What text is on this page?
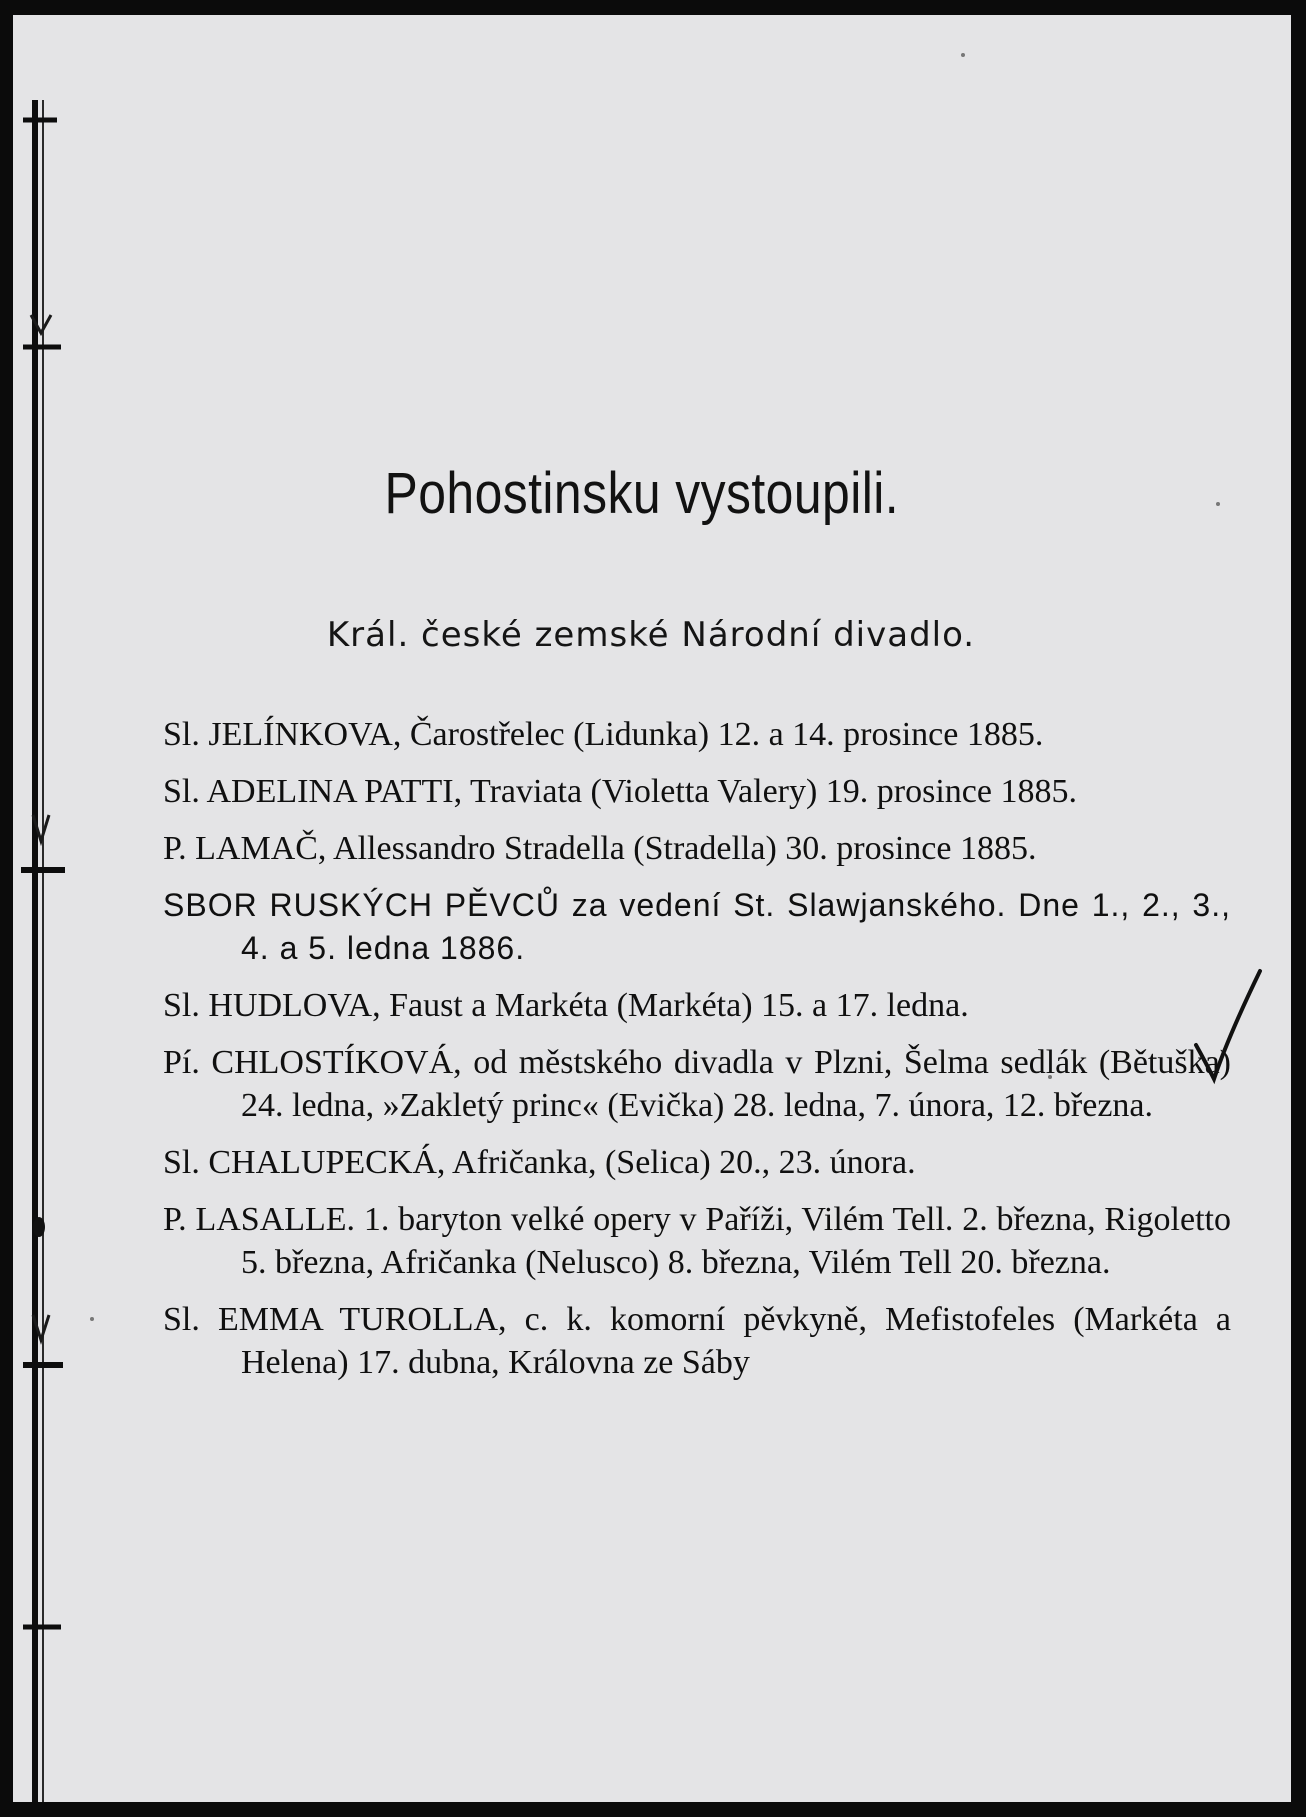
Pohostinsku vystoupili.
Král. české zemské Národní divadlo.
Sl. JELÍNKOVA, Čarostřelec (Lidunka) 12. a 14. prosince 1885.
Sl. ADELINA PATTI, Traviata (Violetta Valery) 19. prosince 1885.
P. LAMAČ, Allessandro Stradella (Stradella) 30. prosince 1885.
SBOR RUSKÝCH PĚVCŮ za vedení St. Slawjanského. Dne 1., 2., 3., 4. a 5. ledna 1886.
Sl. HUDLOVA, Faust a Markéta (Markéta) 15. a 17. ledna.
Pí. CHLOSTÍKOVÁ, od městského divadla v Plzni, Šelma sedlák (Bětuška) 24. ledna, »Zakletý princ« (Evička) 28. ledna, 7. února, 12. března.
Sl. CHALUPECKÁ, Afričanka, (Selica) 20., 23. února.
P. LASALLE. 1. baryton velké opery v Paříži, Vilém Tell. 2. března, Rigoletto 5. března, Afričanka (Nelusco) 8. března, Vilém Tell 20. března.
Sl. EMMA TUROLLA, c. k. komorní pěvkyně, Mefistofeles (Markéta a Helena) 17. dubna, Královna ze Sáby
